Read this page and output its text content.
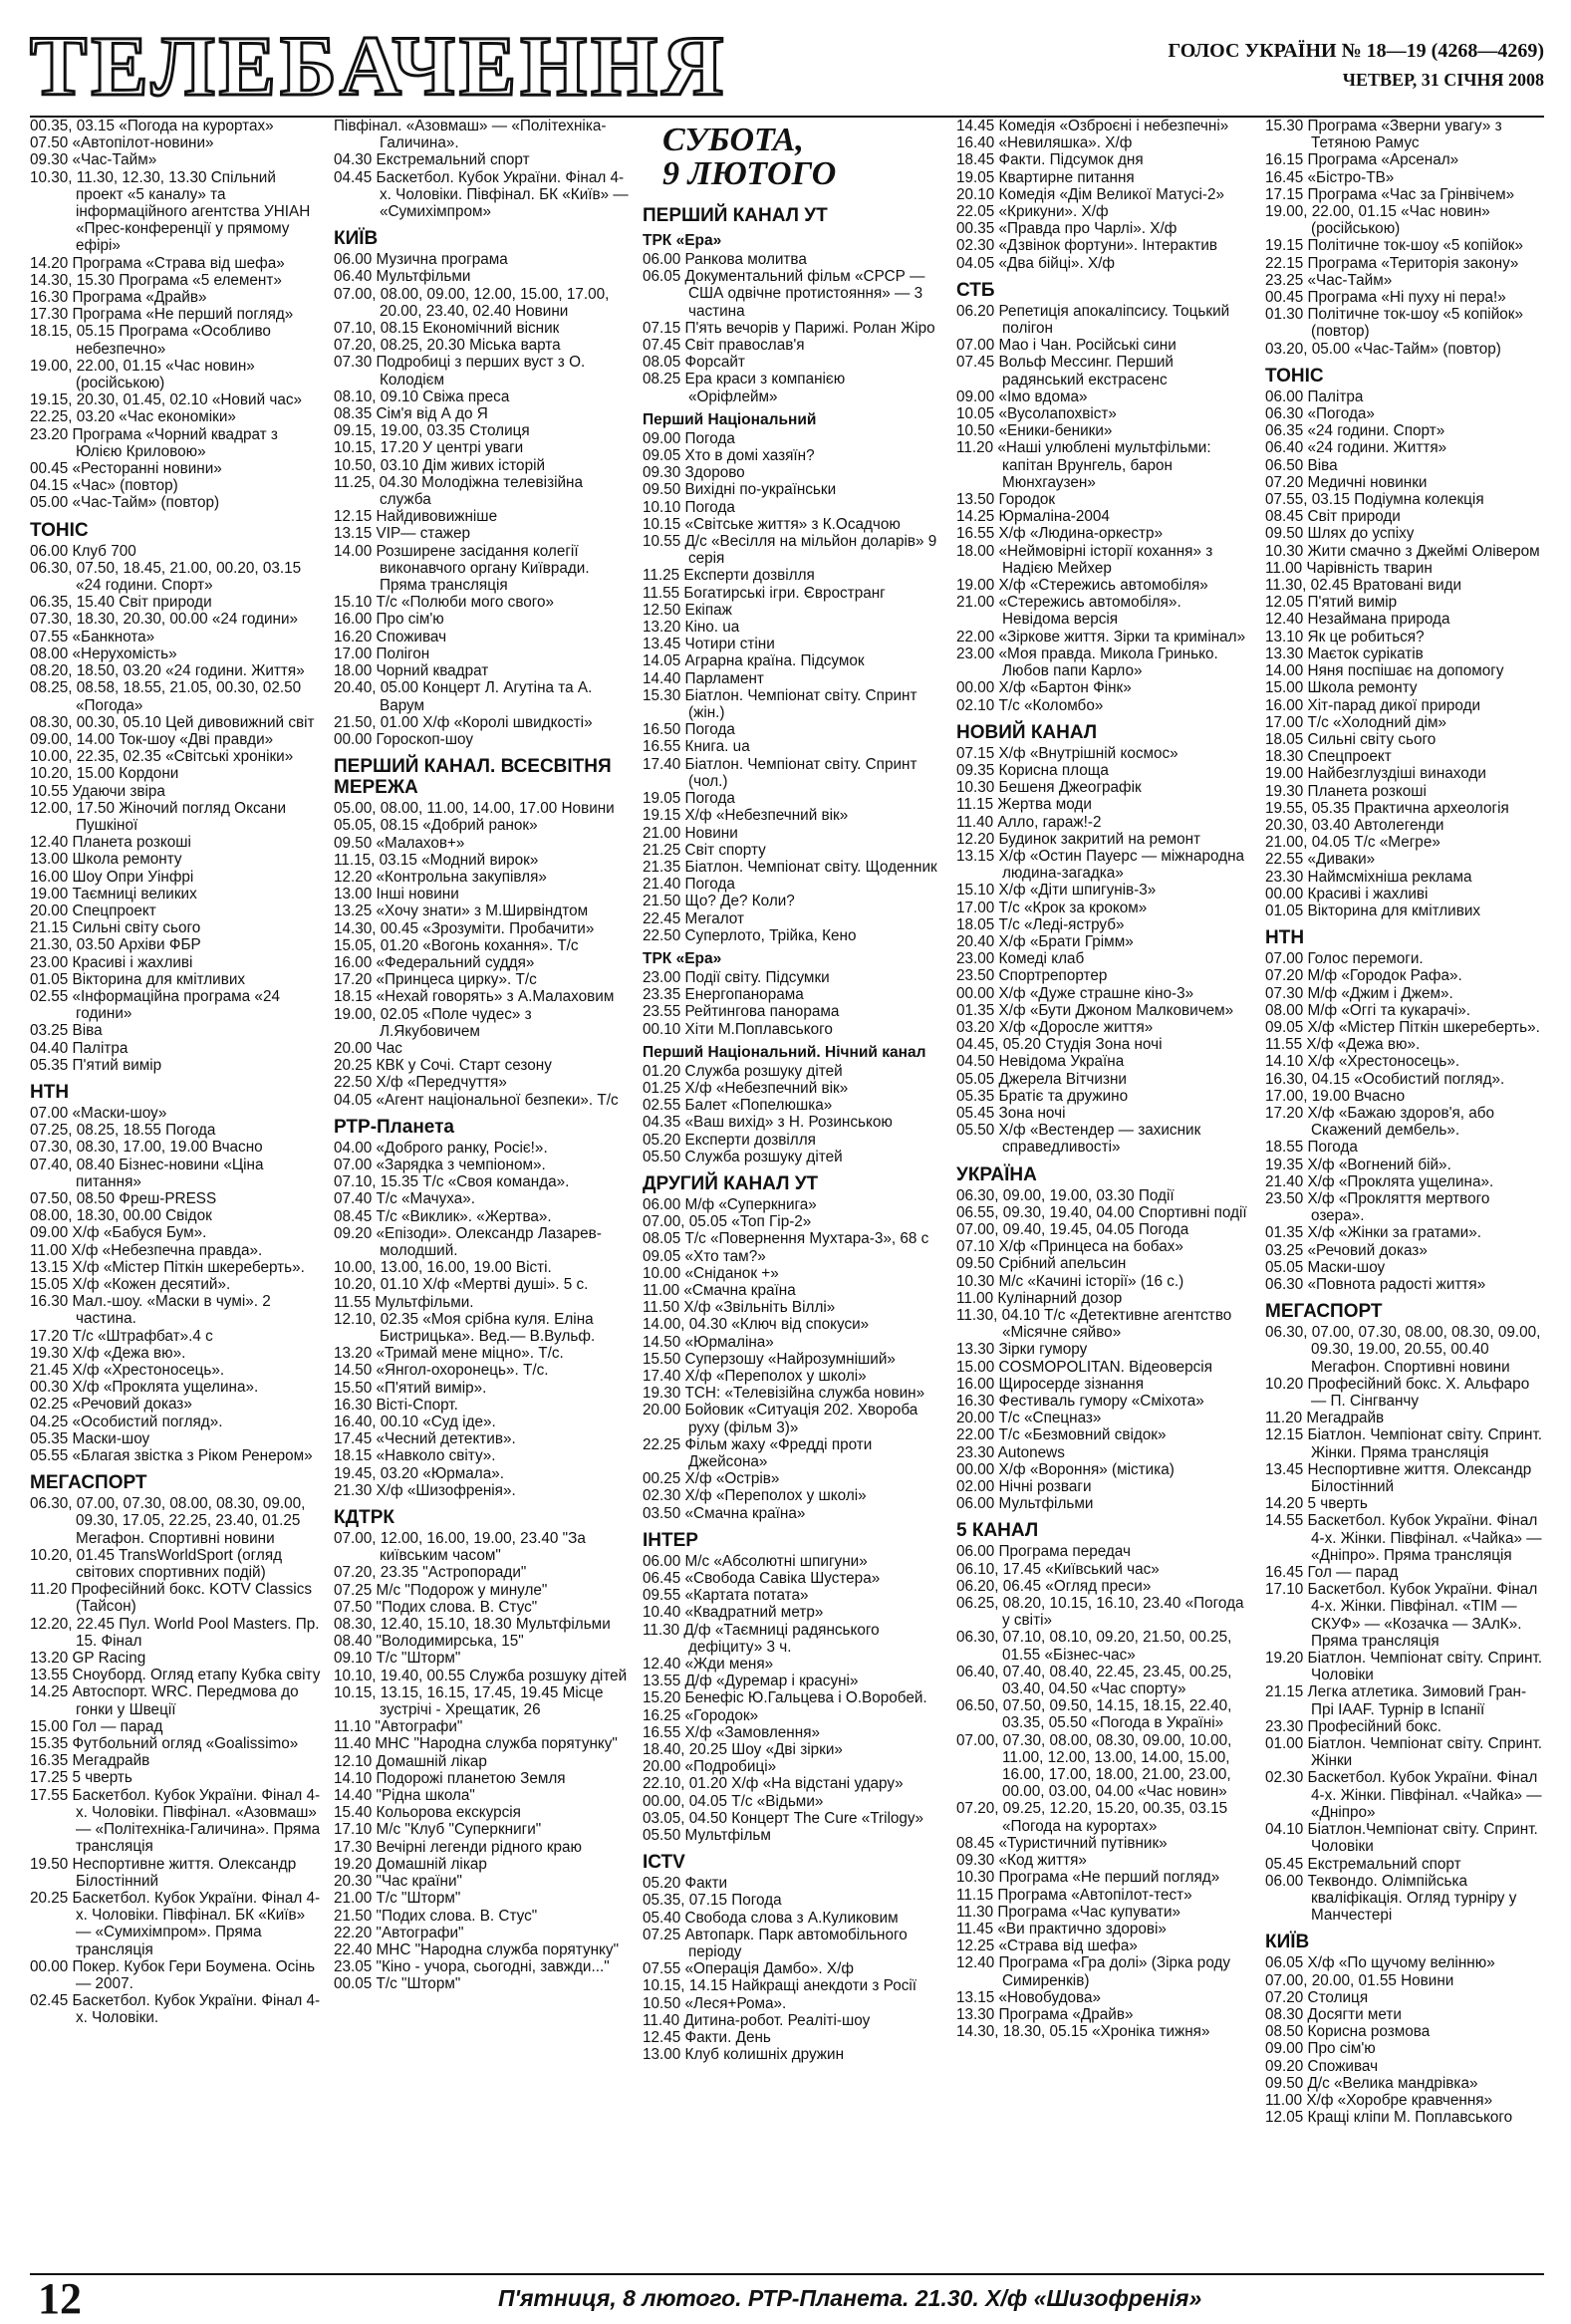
ТЕЛЕБАЧЕННЯ	ГОЛОС УКРАЇНИ № 18—19 (4268—4269)
ЧЕТВЕР, 31 СІЧНЯ 2008

00.35, 03.15 «Погода на курортах»

07.50 «Автопілот-новини»

09.30 «Час-Тайм»

10.30, 11.30, 12.30, 13.30 Спільний проект «5 каналу» та інформаційного агентства УНІАН «Прес-конференції у прямому ефірі»

14.20 Програма «Страва від шефа»

14.30, 15.30 Програма «5 елемент»

16.30 Програма «Драйв»

17.30 Програма «Не перший погляд»

18.15, 05.15 Програма «Особливо небезпечно»

19.00, 22.00, 01.15 «Час новин» (російською)

19.15, 20.30, 01.45, 02.10 «Новий час»

22.25, 03.20 «Час економіки»

23.20 Програма «Чорний квадрат з Юлією Криловою»

00.45 «Ресторанні новини»

04.15 «Час» (повтор)

05.00 «Час-Тайм» (повтор)

ТОНІС

06.00 Клуб 700

06.30, 07.50, 18.45, 21.00, 00.20, 03.15 «24 години. Спорт»

06.35, 15.40 Світ природи

07.30, 18.30, 20.30, 00.00 «24 години»

07.55 «Банкнота»

08.00 «Нерухомість»

08.20, 18.50, 03.20 «24 години. Життя»

08.25, 08.58, 18.55, 21.05, 00.30, 02.50 «Погода»

08.30, 00.30, 05.10 Цей дивовижний світ

09.00, 14.00 Ток-шоу «Дві правди»

10.00, 22.35, 02.35 «Світські хроніки»

10.20, 15.00 Кордони

10.55 Удаючи звіра

12.00, 17.50 Жіночий погляд Оксани Пушкіної

12.40 Планета розкоші

13.00 Школа ремонту

16.00 Шоу Опри Уінфрі

19.00 Таємниці великих

20.00 Спецпроект

21.15 Сильні світу сього

21.30, 03.50 Архіви ФБР

23.00 Красиві і жахливі

01.05 Вікторина для кмітливих

02.55 «Інформаційна програма «24 години»

03.25 Віва

04.40 Палітра

05.35 П'ятий вимір

НТН

07.00 «Маски-шоу»

07.25, 08.25, 18.55 Погода

07.30, 08.30, 17.00, 19.00 Вчасно

07.40, 08.40 Бізнес-новини «Ціна питання»

07.50, 08.50 Фреш-PRESS

08.00, 18.30, 00.00 Свідок

09.00 Х/ф «Бабуся Бум».

11.00 Х/ф «Небезпечна правда».

13.15 Х/ф «Містер Піткін шкереберть».

15.05 Х/ф «Кожен десятий».

16.30 Мал.-шоу. «Маски в чумі». 2 частина.

17.20 Т/с «Штрафбат».4 с

19.30 Х/ф «Дежа вю».

21.45 Х/ф «Хрестоносець».

00.30 Х/ф «Проклята ущелина».

02.25 «Речовий доказ»

04.25 «Особистий погляд».

05.35 Маски-шоу

05.55 «Благая звістка з Ріком Ренером»

МЕГАСПОРТ

06.30, 07.00, 07.30, 08.00, 08.30, 09.00, 09.30, 17.05, 22.25, 23.40, 01.25 Мегафон. Спортивні новини

10.20, 01.45 TransWorldSport (огляд світових спортивних подій)

11.20 Професійний бокс. KOTV Classics (Тайсон)

12.20, 22.45 Пул. World Pool Masters. Пр. 15. Фінал

13.20 GP Racing

13.55 Сноуборд. Огляд етапу Кубка світу

14.25 Автоспорт. WRC. Передмова до гонки у Швеції

15.00 Гол — парад

15.35 Футбольний огляд «Goalissimo»

16.35 Мегадрайв

17.25 5 чверть

17.55 Баскетбол. Кубок України. Фінал 4-х. Чоловіки. Півфінал. «Азовмаш» — «Політехніка-Галичина». Пряма трансляція

19.50 Неспортивне життя. Олександр Білостінний

20.25 Баскетбол. Кубок України. Фінал 4-х. Чоловіки. Півфінал. БК «Київ» — «Сумихімпром». Пряма трансляція

00.00 Покер. Кубок Гери Боумена. Осінь — 2007.

02.45 Баскетбол. Кубок України. Фінал 4-х. Чоловіки.

Півфінал. «Азовмаш» — «Політехніка-Галичина».

04.30 Екстремальний спорт

04.45 Баскетбол. Кубок України. Фінал 4-х. Чоловіки. Півфінал. БК «Київ» — «Сумихімпром»

КИЇВ

06.00 Музична програма

06.40 Мультфільми

07.00, 08.00, 09.00, 12.00, 15.00, 17.00, 20.00, 23.40, 02.40 Новини

07.10, 08.15 Економічний вісник

07.20, 08.25, 20.30 Міська варта

07.30 Подробиці з перших вуст з О. Колодієм

08.10, 09.10 Свіжа преса

08.35 Сім'я від А до Я

09.15, 19.00, 03.35 Столиця

10.15, 17.20 У центрі уваги

10.50, 03.10 Дім живих історій

11.25, 04.30 Молодіжна телевізійна служба

12.15 Найдивовижніше

13.15 VIP— стажер

14.00 Розширене засідання колегії виконавчого органу Київради. Пряма трансляція

15.10 Т/с «Полюби мого свого»

16.00 Про сім'ю

16.20 Споживач

17.00 Полігон

18.00 Чорний квадрат

20.40, 05.00 Концерт Л. Агутіна та А. Варум

21.50, 01.00 Х/ф «Королі швидкості»

00.00 Гороскоп-шоу

ПЕРШИЙ КАНАЛ. ВСЕСВІТНЯ МЕРЕЖА

05.00, 08.00, 11.00, 14.00, 17.00 Новини

05.05, 08.15 «Добрий ранок»

09.50 «Малахов+»

11.15, 03.15 «Модний вирок»

12.20 «Контрольна закупівля»

13.00 Інші новини

13.25 «Хочу знати» з М.Ширвіндтом

14.30, 00.45 «Зрозуміти. Пробачити»

15.05, 01.20 «Вогонь кохання». Т/с

16.00 «Федеральний суддя»

17.20 «Принцеса цирку». Т/с

18.15 «Нехай говорять» з А.Малаховим

19.00, 02.05 «Поле чудес» з Л.Якубовичем

20.00 Час

20.25 КВК у Сочі. Старт сезону

22.50 Х/ф «Передчуття»

04.05 «Агент національної безпеки». Т/с

РТР-Планета

04.00 «Доброго ранку, Росіє!».

07.00 «Зарядка з чемпіоном».

07.10, 15.35 Т/с «Своя команда».

07.40 Т/с «Мачуха».

08.45 Т/с «Виклик». «Жертва».

09.20 «Епізоди». Олександр Лазарев-молодший.

10.00, 13.00, 16.00, 19.00 Вісті.

10.20, 01.10 Х/ф «Мертві душі». 5 с.

11.55 Мультфільми.

12.10, 02.35 «Моя срібна куля. Еліна Бистрицька». Вед.— В.Вульф.

13.20 «Тримай мене міцно». Т/с.

14.50 «Янгол-охоронець». Т/с.

15.50 «П'ятий вимір».

16.30 Вісті-Спорт.

16.40, 00.10 «Суд іде».

17.45 «Чесний детектив».

18.15 «Навколо світу».

19.45, 03.20 «Юрмала».

21.30 Х/ф «Шизофренія».

КДТРК

07.00, 12.00, 16.00, 19.00, 23.40 "За київським часом"

07.20, 23.35 "Астропоради"

07.25 М/с "Подорож у минуле"

07.50 "Подих слова. В. Стус"

08.30, 12.40, 15.10, 18.30 Мультфільми

08.40 "Володимирська, 15"

09.10 Т/с "Шторм"

10.10, 19.40, 00.55 Служба розшуку дітей

10.15, 13.15, 16.15, 17.45, 19.45 Місце зустрічі - Хрещатик, 26

11.10 "Автографи"

11.40 МНС "Народна служба порятунку"

12.10 Домашній лікар

14.10 Подорожі планетою Земля

14.40 "Рідна школа"

15.40 Кольорова екскурсія

17.10 М/с "Клуб "Суперкниги"

17.30 Вечірні легенди рідного краю

19.20 Домашній лікар

20.30 "Час країни"

21.00 Т/с "Шторм"

21.50 "Подих слова. В. Стус"

22.20 "Автографи"

22.40 МНС "Народна служба порятунку"

23.05 "Кіно - учора, сьогодні, завжди..."

00.05 Т/с "Шторм"

СУБОТА,
9 ЛЮТОГО
ПЕРШИЙ КАНАЛ УТ
ТРК «Ера»

06.00 Ранкова молитва

06.05 Документальний фільм «СРСР — США одвічне протистояння» — 3 частина

07.15 П'ять вечорів у Парижі. Ролан Жіро

07.45 Світ православ'я

08.05 Форсайт

08.25 Ера краси з компанією «Оріфлейм»

Перший Національний

09.00 Погода

09.05 Хто в домі хазяїн?

09.30 Здорово

09.50 Вихідні по-українськи

10.10 Погода

10.15 «Світське життя» з К.Осадчою

10.55 Д/с «Весілля на мільйон доларів» 9 серія

11.25 Експерти дозвілля

11.55 Богатирські ігри. Євространг

12.50 Екіпаж

13.20 Кіно. ua

13.45 Чотири стіни

14.05 Аграрна країна. Підсумок

14.40 Парламент

15.30 Біатлон. Чемпіонат світу. Спринт (жін.)

16.50 Погода

16.55 Книга. ua

17.40 Біатлон. Чемпіонат світу. Спринт (чол.)

19.05 Погода

19.15 Х/ф «Небезпечний вік»

21.00 Новини

21.25 Світ спорту

21.35 Біатлон. Чемпіонат світу. Щоденник

21.40 Погода

21.50 Що? Де? Коли?

22.45 Мегалот

22.50 Суперлото, Трійка, Кено

ТРК «Ера»

23.00 Події світу. Підсумки

23.35 Енергопанорама

23.55 Рейтингова панорама

00.10 Хіти М.Поплавського

Перший Національний. Нічний канал

01.20 Служба розшуку дітей

01.25 Х/ф «Небезпечний вік»

02.55 Балет «Попелюшка»

04.35 «Ваш вихід» з Н. Розинською

05.20 Експерти дозвілля

05.50 Служба розшуку дітей

ДРУГИЙ КАНАЛ УТ

06.00 М/ф «Суперкнига»

07.00, 05.05 «Топ Гір-2»

08.05 Т/с «Повернення Мухтара-3», 68 с

09.05 «Хто там?»

10.00 «Сніданок +»

11.00 «Смачна країна

11.50 Х/ф «Звільніть Віллі»

14.00, 04.30 «Ключ від спокуси»

14.50 «Юрмаліна»

15.50 Суперзошу «Найрозумніший»

17.40 Х/ф «Переполох у школі»

19.30 ТСН: «Телевізійна служба новин»

20.00 Бойовик «Ситуація 202. Хвороба руху (фільм 3)»

22.25 Фільм жаху «Фредді проти Джейсона»

00.25 Х/ф «Острів»

02.30 Х/ф «Переполох у школі»

03.50 «Смачна країна»

ІНТЕР

06.00 М/с «Абсолютні шпигуни»

06.45 «Свобода Савіка Шустера»

09.55 «Картата потата»

10.40 «Квадратний метр»

11.30 Д/ф «Таємниці радянського дефіциту» 3 ч.

12.40 «Жди меня»

13.55 Д/ф «Дуремар і красуні»

15.20 Бенефіс Ю.Гальцева і О.Воробей.

16.25 «Городок»

16.55 Х/ф «Замовлення»

18.40, 20.25 Шоу «Дві зірки»

20.00 «Подробиці»

22.10, 01.20 Х/ф «На відстані удару»

00.00, 04.05 Т/с «Відьми»

03.05, 04.50 Концерт The Cure «Trilogy»

05.50 Мультфільм

ІСТV

05.20 Факти

05.35, 07.15 Погода

05.40 Свобода слова з А.Куликовим

07.25 Автопарк. Парк автомобільного періоду

07.55 «Операція Дамбо». Х/ф

10.15, 14.15 Найкращі анекдоти з Росії

10.50 «Леся+Рома».

11.40 Дитина-робот. Реаліті-шоу

12.45 Факти. День

13.00 Клуб колишніх дружин

14.45 Комедія «Озброєні і небезпечні»

16.40 «Невиляшка». Х/ф

18.45 Факти. Підсумок дня

19.05 Квартирне питання

20.10 Комедія «Дім Великої Матусі-2»

22.05 «Крикуни». Х/ф

00.35 «Правда про Чарлі». Х/ф

02.30 «Дзвінок фортуни». Інтерактив

04.05 «Два бійці». Х/ф

СТБ

06.20 Репетиція апокаліпсису. Тоцький полігон

07.00 Мао і Чан. Російські сини

07.45 Вольф Мессинг. Перший радянський екстрасенс

09.00 «Імо вдома»

10.05 «Вусолапохвіст»

10.50 «Еники-беники»

11.20 «Наші улюблені мультфільми: капітан Врунгель, барон Мюнхгаузен»

13.50 Городок

14.25 Юрмаліна-2004

16.55 Х/ф «Людина-оркестр»

18.00 «Неймовірні історії кохання» з Надією Мейхер

19.00 Х/ф «Стережись автомобіля»

21.00 «Стережись автомобіля». Невідома версія

22.00 «Зіркове життя. Зірки та кримінал»

23.00 «Моя правда. Микола Гринько. Любов папи Карло»

00.00 Х/ф «Бартон Фінк»

02.10 Т/с «Коломбо»

НОВИЙ КАНАЛ

07.15 Х/ф «Внутрішній космос»

09.35 Корисна площа

10.30 Бешеня Джеографік

11.15 Жертва моди

11.40 Алло, гараж!-2

12.20 Будинок закритий на ремонт

13.15 Х/ф «Остин Пауерс — міжнародна людина-загадка»

15.10 Х/ф «Діти шпигунів-3»

17.00 Т/с «Крок за кроком»

18.05 Т/с «Леді-яструб»

20.40 Х/ф «Брати Грімм»

23.00 Комеді клаб

23.50 Спортрепортер

00.00 Х/ф «Дуже страшне кіно-3»

01.35 Х/ф «Бути Джоном Малковичем»

03.20 Х/ф «Доросле життя»

04.45, 05.20 Студія Зона ночі

04.50 Невідома Україна

05.05 Джерела Вітчизни

05.35 Братіє та дружино

05.45 Зона ночі

05.50 Х/ф «Вестендер — захисник справедливості»

УКРАЇНА

06.30, 09.00, 19.00, 03.30 Події

06.55, 09.30, 19.40, 04.00 Спортивні події

07.00, 09.40, 19.45, 04.05 Погода

07.10 Х/ф «Принцеса на бобах»

09.50 Срібний апельсин

10.30 М/с «Качині історії» (16 с.)

11.00 Кулінарний дозор

11.30, 04.10 Т/с «Детективне агентство «Місячне сяйво»

13.30 Зірки гумору

15.00 COSMOPOLITAN. Відеоверсія

16.00 Щиросерде зізнання

16.30 Фестиваль гумору «Сміхота»

20.00 Т/с «Спецназ»

22.00 Т/с «Безмовний свідок»

23.30 Autonews

00.00 Х/ф «Вороння» (містика)

02.00 Нічні розваги

06.00 Мультфільми

5 КАНАЛ

06.00 Програма передач

06.10, 17.45 «Київський час»

06.20, 06.45 «Огляд преси»

06.25, 08.20, 10.15, 16.10, 23.40 «Погода у світі»

06.30, 07.10, 08.10, 09.20, 21.50, 00.25, 01.55 «Бізнес-час»

06.40, 07.40, 08.40, 22.45, 23.45, 00.25, 03.40, 04.50 «Час спорту»

06.50, 07.50, 09.50, 14.15, 18.15, 22.40, 03.35, 05.50 «Погода в Україні»

07.00, 07.30, 08.00, 08.30, 09.00, 10.00, 11.00, 12.00, 13.00, 14.00, 15.00, 16.00, 17.00, 18.00, 21.00, 23.00, 00.00, 03.00, 04.00 «Час новин»

07.20, 09.25, 12.20, 15.20, 00.35, 03.15 «Погода на курортах»

08.45 «Туристичний путівник»

09.30 «Код життя»

10.30 Програма «Не перший погляд»

11.15 Програма «Автопілот-тест»

11.30 Програма «Час купувати»

11.45 «Ви практично здорові»

12.25 «Страва від шефа»

12.40 Програма «Гра долі» (Зірка роду Симиренків)

13.15 «Новобудова»

13.30 Програма «Драйв»

14.30, 18.30, 05.15 «Хроніка тижня»

15.30 Програма «Зверни увагу» з Тетяною Рамус

16.15 Програма «Арсенал»

16.45 «Бістро-ТВ»

17.15 Програма «Час за Грінвічем»

19.00, 22.00, 01.15 «Час новин» (російською)

19.15 Політичне ток-шоу «5 копійок»

22.15 Програма «Територія закону»

23.25 «Час-Тайм»

00.45 Програма «Ні пуху ні пера!»

01.30 Політичне ток-шоу «5 копійок» (повтор)

03.20, 05.00 «Час-Тайм» (повтор)

ТОНІС

06.00 Палітра

06.30 «Погода»

06.35 «24 години. Спорт»

06.40 «24 години. Життя»

06.50 Віва

07.20 Медичні новинки

07.55, 03.15 Подіумна колекція

08.45 Світ природи

09.50 Шлях до успіху

10.30 Жити смачно з Джеймі Олівером

11.00 Чарівність тварин

11.30, 02.45 Вратовані види

12.05 П'ятий вимір

12.40 Незаймана природа

13.10 Як це робиться?

13.30 Маєток сурікатів

14.00 Няня поспішає на допомогу

15.00 Школа ремонту

16.00 Хіт-парад дикої природи

17.00 Т/с «Холодний дім»

18.05 Сильні світу сього

18.30 Спецпроект

19.00 Найбезглуздіші винаходи

19.30 Планета розкоші

19.55, 05.35 Практична археологія

20.30, 03.40 Автолегенди

21.00, 04.05 Т/с «Мегре»

22.55 «Диваки»

23.30 Наймсміхніша реклама

00.00 Красиві і жахливі

01.05 Вікторина для кмітливих

НТН

07.00 Голос перемоги.

07.20 М/ф «Городок Рафа».

07.30 М/ф «Джим і Джем».

08.00 М/ф «Оггі та кукарачі».

09.05 Х/ф «Містер Піткін шкереберть».

11.55 Х/ф «Дежа вю».

14.10 Х/ф «Хрестоносець».

16.30, 04.15 «Особистий погляд».

17.00, 19.00 Вчасно

17.20 Х/ф «Бажаю здоров'я, або Скажений дембель».

18.55 Погода

19.35 Х/ф «Вогнений бій».

21.40 Х/ф «Проклята ущелина».

23.50 Х/ф «Прокляття мертвого озера».

01.35 Х/ф «Жінки за гратами».

03.25 «Речовий доказ»

05.05 Маски-шоу

06.30 «Повнота радості життя»

МЕГАСПОРТ

06.30, 07.00, 07.30, 08.00, 08.30, 09.00, 09.30, 19.00, 20.55, 00.40 Мегафон. Спортивні новини

10.20 Професійний бокс. Х. Альфаро — П. Сінгванчу

11.20 Мегадрайв

12.15 Біатлон. Чемпіонат світу. Спринт. Жінки. Пряма трансляція

13.45 Неспортивне життя. Олександр Білостінний

14.20 5 чверть

14.55 Баскетбол. Кубок України. Фінал 4-х. Жінки. Півфінал. «Чайка» — «Дніпро». Пряма трансляція

16.45 Гол — парад

17.10 Баскетбол. Кубок України. Фінал 4-х. Жінки. Півфінал. «TIM — СКУФ» — «Козачка — ЗАлК». Пряма трансляція

19.20 Біатлон. Чемпіонат світу. Спринт. Чоловіки

21.15 Легка атлетика. Зимовий Гран-Прі IAAF. Турнір в Іспанії

23.30 Професійний бокс.

01.00 Біатлон. Чемпіонат світу. Спринт. Жінки

02.30 Баскетбол. Кубок України. Фінал 4-х. Жінки. Півфінал. «Чайка» — «Дніпро»

04.10 Біатлон.Чемпіонат світу. Спринт. Чоловіки

05.45 Екстремальний спорт

06.00 Теквондо. Олімпійська кваліфікація. Огляд турніру у Манчестері

КИЇВ

06.05 Х/ф «По щучому велінню»

07.00, 20.00, 01.55 Новини

07.20 Столиця

08.30 Досягти мети

08.50 Корисна розмова

09.00 Про сім'ю

09.20 Споживач

09.50 Д/с «Велика мандрівка»

11.00 Х/ф «Хоробре кравчення»

12.05 Кращі кліпи М. Поплавського

12	П'ятниця, 8 лютого. РТР-Планета. 21.30. Х/ф «Шизофренія»
